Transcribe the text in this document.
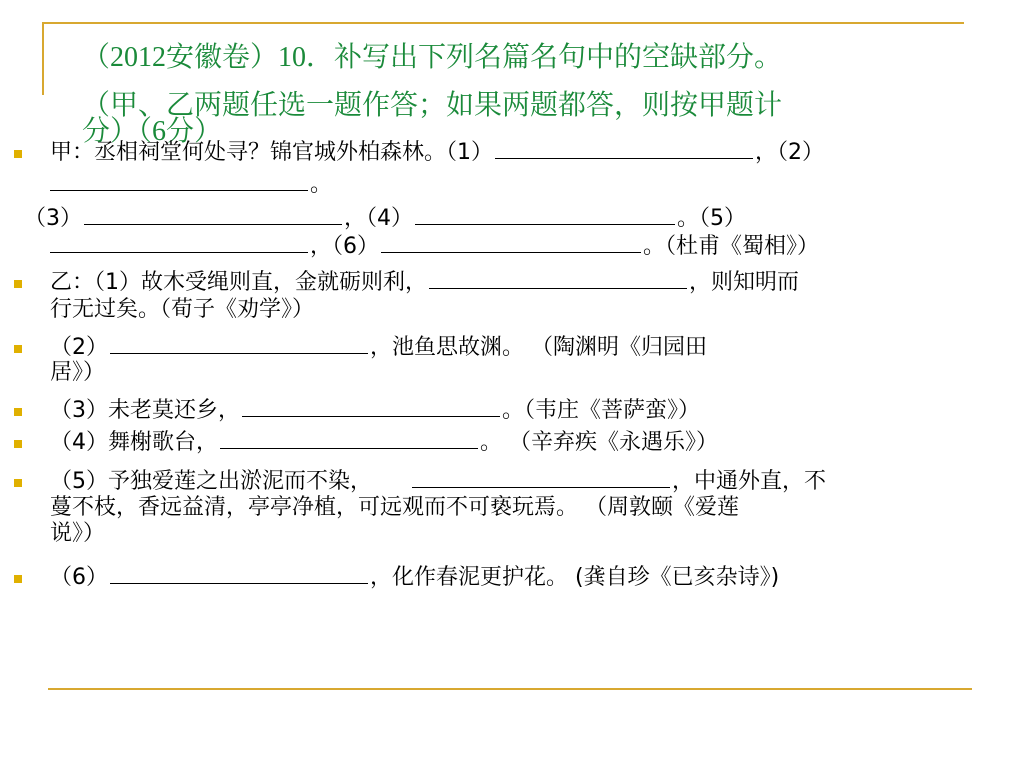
（2012安徽卷）10．补写出下列名篇名句中的空缺部分。
（甲、乙两题任选一题作答；如果两题都答，则按甲题计
分）（6分）
甲：丞相祠堂何处寻？锦官城外柏森林。（1）	，（2）
。
（3）	，（4）	。（5）
，（6）	。（杜甫《蜀相》）
乙：（1）故木受绳则直，金就砺则利，	，则知明而
行无过矣。（荀子《劝学》）
（2）	，池鱼思故渊。 （陶渊明《归园田
居》）
（3）未老莫还乡，	。（韦庄《菩萨蛮》）
（4）舞榭歌台，	。 （辛弃疾《永遇乐》）
（5）予独爱莲之出淤泥而不染，	，中通外直，不
蔓不枝，香远益清，亭亭净植，可远观而不可亵玩焉。 （周敦颐《爱莲
说》）
（6）	，化作春泥更护花。 (龚自珍《已亥杂诗》)
